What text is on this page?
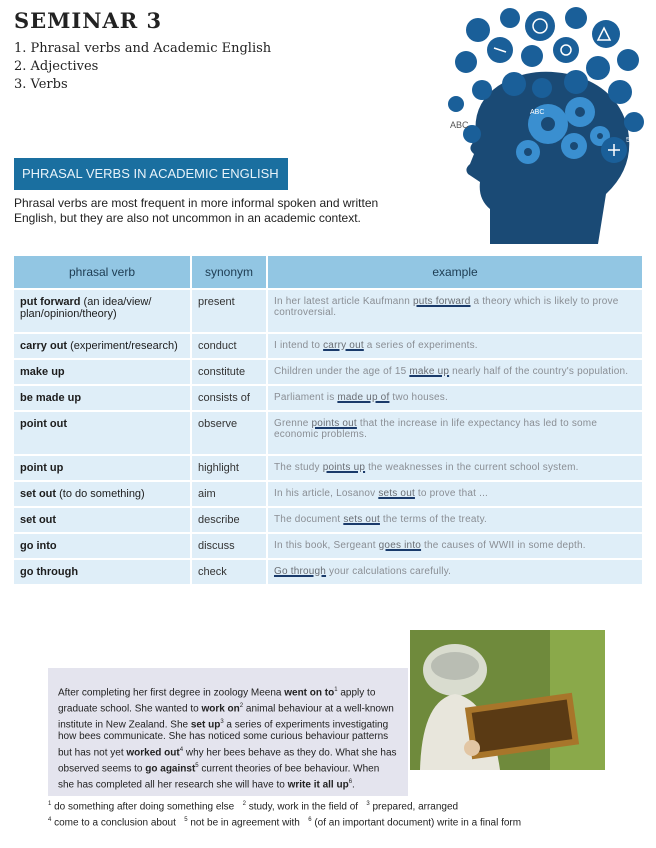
SEMINAR 3
1. Phrasal verbs and Academic English
2. Adjectives
3. Verbs
ABC
ABC
50
PHRASAL VERBS IN ACADEMIC ENGLISH

Phrasal verbs are most frequent in more informal spoken and written English, but they are also not uncommon in an academic context.

phrasal verb	synonym	example
put forward (an idea/view/ plan/opinion/theory)	present	In her latest article Kaufmann puts forward a theory which is likely to prove controversial.
carry out (experiment/research)	conduct	I intend to carry out a series of experiments.
make up	constitute	Children under the age of 15 make up nearly half of the country's population.
be made up	consists of	Parliament is made up of two houses.
point out	observe	Grenne points out that the increase in life expectancy has led to some economic problems.
point up	highlight	The study points up the weaknesses in the current school system.
set out (to do something)	aim	In his article, Losanov sets out to prove that ...
set out	describe	The document sets out the terms of the treaty.
go into	discuss	In this book, Sergeant goes into the causes of WWII in some depth.
go through	check	Go through your calculations carefully.

After completing her first degree in zoology Meena went on $to^1$ apply to graduate school. She wanted to work $on^2$ animal behaviour at a well-known institute in New Zealand. She set $up^3$ a series of experiments investigating how bees communicate. She has noticed some curious behaviour patterns but has not yet worked out$^4$ why her bees behave as they do. What she has observed seems to go against$^5$ current theories of bee behaviour. When she has completed all her research she will have to write it all $up^6$.

$^1$ do something after doing something else $^2$ study, work in the field of $^3$ prepared, arranged
$^4$ come to a conclusion about $^5$ not be in agreement with $^6$ (of an important document) write in a final form
